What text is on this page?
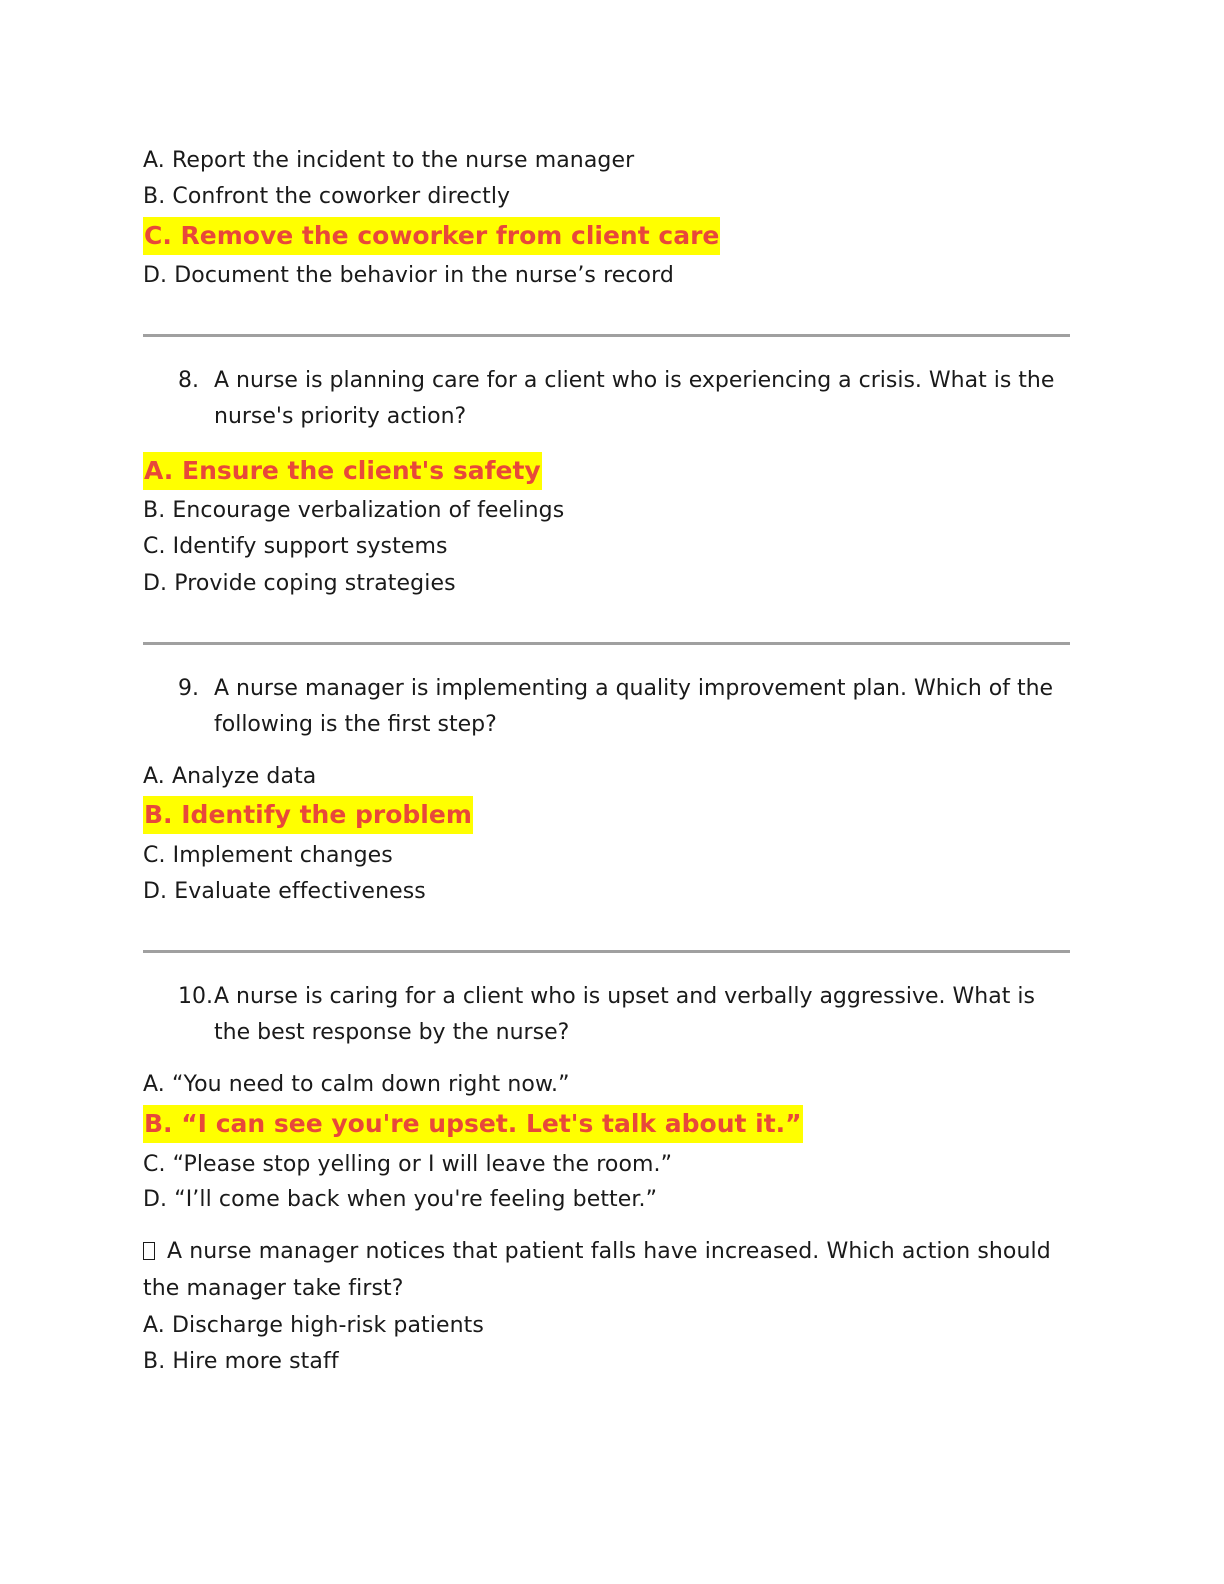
A. Report the incident to the nurse manager
B. Confront the coworker directly
C. Remove the coworker from client care
D. Document the behavior in the nurse’s record
8. A nurse is planning care for a client who is experiencing a crisis. What is the
nurse's priority action?
A. Ensure the client's safety
B. Encourage verbalization of feelings
C. Identify support systems
D. Provide coping strategies
9. A nurse manager is implementing a quality improvement plan. Which of the
following is the first step?
A. Analyze data
B. Identify the problem
C. Implement changes
D. Evaluate effectiveness
10. A nurse is caring for a client who is upset and verbally aggressive. What is
the best response by the nurse?
A. “You need to calm down right now.”
B. “I can see you're upset. Let's talk about it.”
C. “Please stop yelling or I will leave the room.”
D. “I’ll come back when you're feeling better.”
A nurse manager notices that patient falls have increased. Which action should
the manager take first?
A. Discharge high-risk patients
B. Hire more staff
